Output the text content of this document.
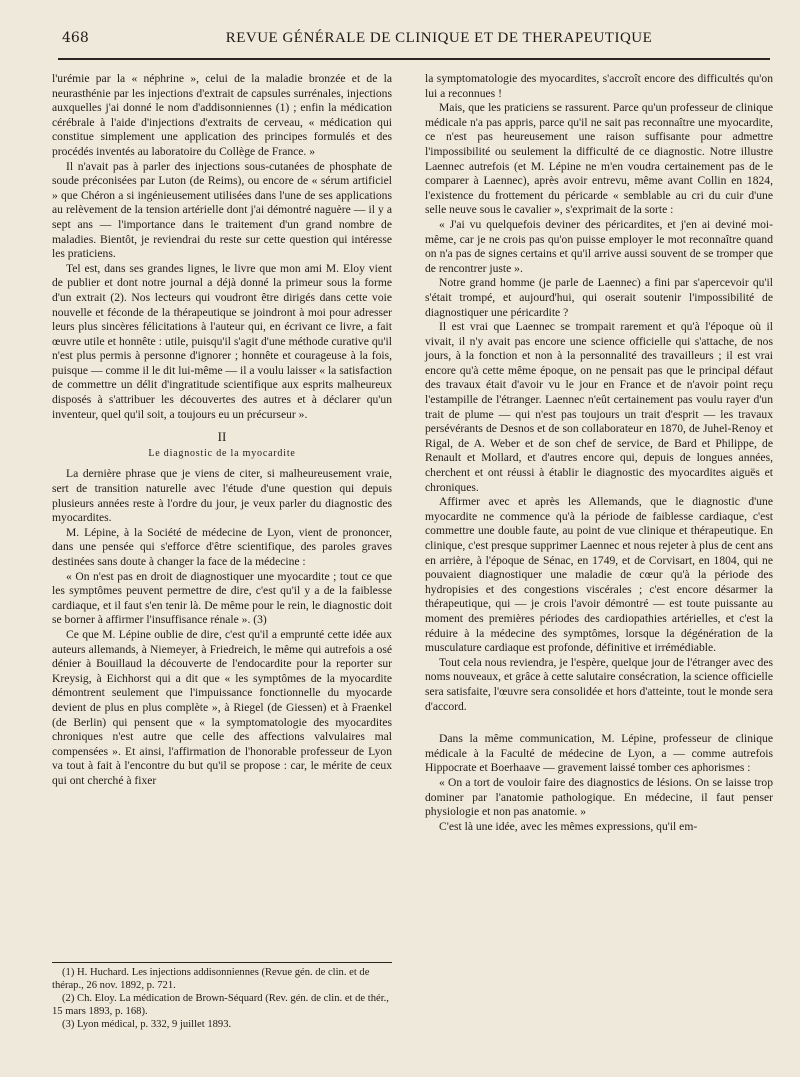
468	REVUE GÉNÉRALE DE CLINIQUE ET DE THERAPEUTIQUE

l'urémie par la « néphrine », celui de la maladie bronzée et de la neurasthénie par les injections d'extrait de capsules surrénales, injections auxquelles j'ai donné le nom d'addisonniennes (1) ; enfin la médication cérébrale à l'aide d'injections d'extraits de cerveau, « médication qui constitue simplement une application des principes formulés et des procédés inventés au laboratoire du Collège de France. »

Il n'avait pas à parler des injections sous-cutanées de phosphate de soude préconisées par Luton (de Reims), ou encore de « sérum artificiel » que Chéron a si ingénieusement utilisées dans l'une de ses applications au relèvement de la tension artérielle dont j'ai démontré naguère — il y a sept ans — l'importance dans le traitement d'un grand nombre de maladies. Bientôt, je reviendrai du reste sur cette question qui intéresse les praticiens.

Tel est, dans ses grandes lignes, le livre que mon ami M. Eloy vient de publier et dont notre journal a déjà donné la primeur sous la forme d'un extrait (2). Nos lecteurs qui voudront être dirigés dans cette voie nouvelle et féconde de la thérapeutique se joindront à moi pour adresser leurs plus sincères félicitations à l'auteur qui, en écrivant ce livre, a fait œuvre utile et honnête : utile, puisqu'il s'agit d'une méthode curative qu'il n'est plus permis à personne d'ignorer ; honnête et courageuse à la fois, puisque — comme il le dit lui-même — il a voulu laisser « la satisfaction de commettre un délit d'ingratitude scientifique aux esprits malheureux disposés à s'attribuer les découvertes des autres et à déclarer qu'un inventeur, quel qu'il soit, a toujours eu un précurseur ».

II
Le diagnostic de la myocardite

La dernière phrase que je viens de citer, si malheureusement vraie, sert de transition naturelle avec l'étude d'une question qui depuis plusieurs années reste à l'ordre du jour, je veux parler du diagnostic des myocardites.

M. Lépine, à la Société de médecine de Lyon, vient de prononcer, dans une pensée qui s'efforce d'être scientifique, des paroles graves destinées sans doute à changer la face de la médecine :

« On n'est pas en droit de diagnostiquer une myocardite ; tout ce que les symptômes peuvent permettre de dire, c'est qu'il y a de la faiblesse cardiaque, et il faut s'en tenir là. De même pour le rein, le diagnostic doit se borner à affirmer l'insuffisance rénale ». (3)

Ce que M. Lépine oublie de dire, c'est qu'il a emprunté cette idée aux auteurs allemands, à Niemeyer, à Friedreich, le même qui autrefois a osé dénier à Bouillaud la découverte de l'endocardite pour la reporter sur Kreysig, à Eichhorst qui a dit que « les symptômes de la myocardite démontrent seulement que l'impuissance fonctionnelle du myocarde devient de plus en plus complète », à Riegel (de Giessen) et à Fraenkel (de Berlin) qui pensent que « la symptomatologie des myocardites chroniques n'est autre que celle des affections valvulaires mal compensées ». Et ainsi, l'affirmation de l'honorable professeur de Lyon va tout à fait à l'encontre du but qu'il se propose : car, le mérite de ceux qui ont cherché à fixer

(1) H. Huchard. Les injections addisonniennes (Revue gén. de clin. et de thérap., 26 nov. 1892, p. 721.

(2) Ch. Eloy. La médication de Brown-Séquard (Rev. gén. de clin. et de thér., 15 mars 1893, p. 168).

(3) Lyon médical, p. 332, 9 juillet 1893.

la symptomatologie des myocardites, s'accroît encore des difficultés qu'on lui a reconnues !

Mais, que les praticiens se rassurent. Parce qu'un professeur de clinique médicale n'a pas appris, parce qu'il ne sait pas reconnaître une myocardite, ce n'est pas heureusement une raison suffisante pour admettre l'impossibilité ou seulement la difficulté de ce diagnostic. Notre illustre Laennec autrefois (et M. Lépine ne m'en voudra certainement pas de le comparer à Laennec), après avoir entrevu, même avant Collin en 1824, l'existence du frottement du péricarde « semblable au cri du cuir d'une selle neuve sous le cavalier », s'exprimait de la sorte :

« J'ai vu quelquefois deviner des péricardites, et j'en ai deviné moi-même, car je ne crois pas qu'on puisse employer le mot reconnaître quand on n'a pas de signes certains et qu'il arrive aussi souvent de se tromper que de rencontrer juste ».

Notre grand homme (je parle de Laennec) a fini par s'apercevoir qu'il s'était trompé, et aujourd'hui, qui oserait soutenir l'impossibilité de diagnostiquer une péricardite ?

Il est vrai que Laennec se trompait rarement et qu'à l'époque où il vivait, il n'y avait pas encore une science officielle qui s'attache, de nos jours, à la fonction et non à la personnalité des travailleurs ; il est vrai encore qu'à cette même époque, on ne pensait pas que le principal défaut des travaux était d'avoir vu le jour en France et de n'avoir point reçu l'estampille de l'étranger. Laennec n'eût certainement pas voulu rayer d'un trait de plume — qui n'est pas toujours un trait d'esprit — les travaux persévérants de Desnos et de son collaborateur en 1870, de Juhel-Renoy et Rigal, de A. Weber et de son chef de service, de Bard et Philippe, de Renault et Mollard, et d'autres encore qui, depuis de longues années, cherchent et ont réussi à établir le diagnostic des myocardites aiguës et chroniques.

Affirmer avec et après les Allemands, que le diagnostic d'une myocardite ne commence qu'à la période de faiblesse cardiaque, c'est commettre une double faute, au point de vue clinique et thérapeutique. En clinique, c'est presque supprimer Laennec et nous rejeter à plus de cent ans en arrière, à l'époque de Sénac, en 1749, et de Corvisart, en 1804, qui ne pouvaient diagnostiquer une maladie de cœur qu'à la période des hydropisies et des congestions viscérales ; c'est encore désarmer la thérapeutique, qui — je crois l'avoir démontré — est toute puissante au moment des premières périodes des cardiopathies artérielles, et c'est la réduire à la médecine des symptômes, lorsque la dégénération de la musculature cardiaque est profonde, définitive et irrémédiable.

Tout cela nous reviendra, je l'espère, quelque jour de l'étranger avec des noms nouveaux, et grâce à cette salutaire consécration, la science officielle sera satisfaite, l'œuvre sera consolidée et hors d'atteinte, tout le monde sera d'accord.

Dans la même communication, M. Lépine, professeur de clinique médicale à la Faculté de médecine de Lyon, a — comme autrefois Hippocrate et Boerhaave — gravement laissé tomber ces aphorismes :

« On a tort de vouloir faire des diagnostics de lésions. On se laisse trop dominer par l'anatomie pathologique. En médecine, il faut penser physiologie et non pas anatomie. »

C'est là une idée, avec les mêmes expressions, qu'il em-
